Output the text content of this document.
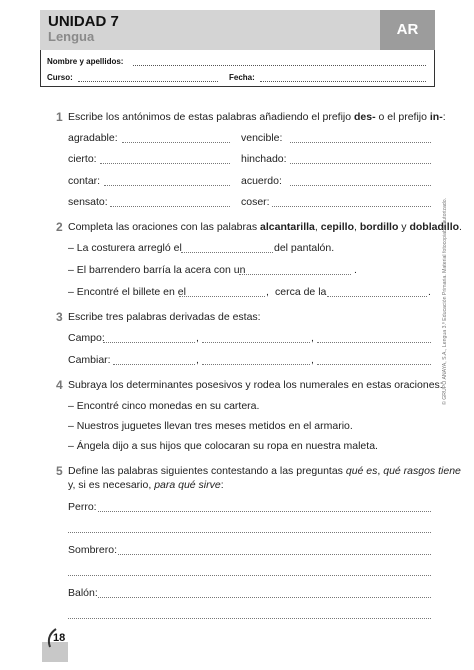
UNIDAD 7
Lengua	AR
Nombre y apellidos:
Curso:	Fecha:
1 Escribe los antónimos de estas palabras añadiendo el prefijo des- o el prefijo in-:
agradable:	vencible:
cierto:	hinchado:
contar:	acuerdo:
sensato:	coser:
2 Completa las oraciones con las palabras alcantarilla, cepillo, bordillo y dobladillo.
– La costurera arregló el	del pantalón.
– El barrendero barría la acera con un	.
– Encontré el billete en el	, cerca de la	.
3 Escribe tres palabras derivadas de estas:
Campo:	,	,
Cambiar:	,	,
4 Subraya los determinantes posesivos y rodea los numerales en estas oraciones:
– Encontré cinco monedas en su cartera.
– Nuestros juguetes llevan tres meses metidos en el armario.
– Ángela dijo a sus hijos que colocaran su ropa en nuestra maleta.
5 Define las palabras siguientes contestando a las preguntas qué es, qué rasgos tiene
y, si es necesario, para qué sirve:
Perro:
Sombrero:
Balón:
© GRUPO ANAYA, S.A., Lengua 3.º Educación Primaria. Material fotocopiable autorizado.
18
